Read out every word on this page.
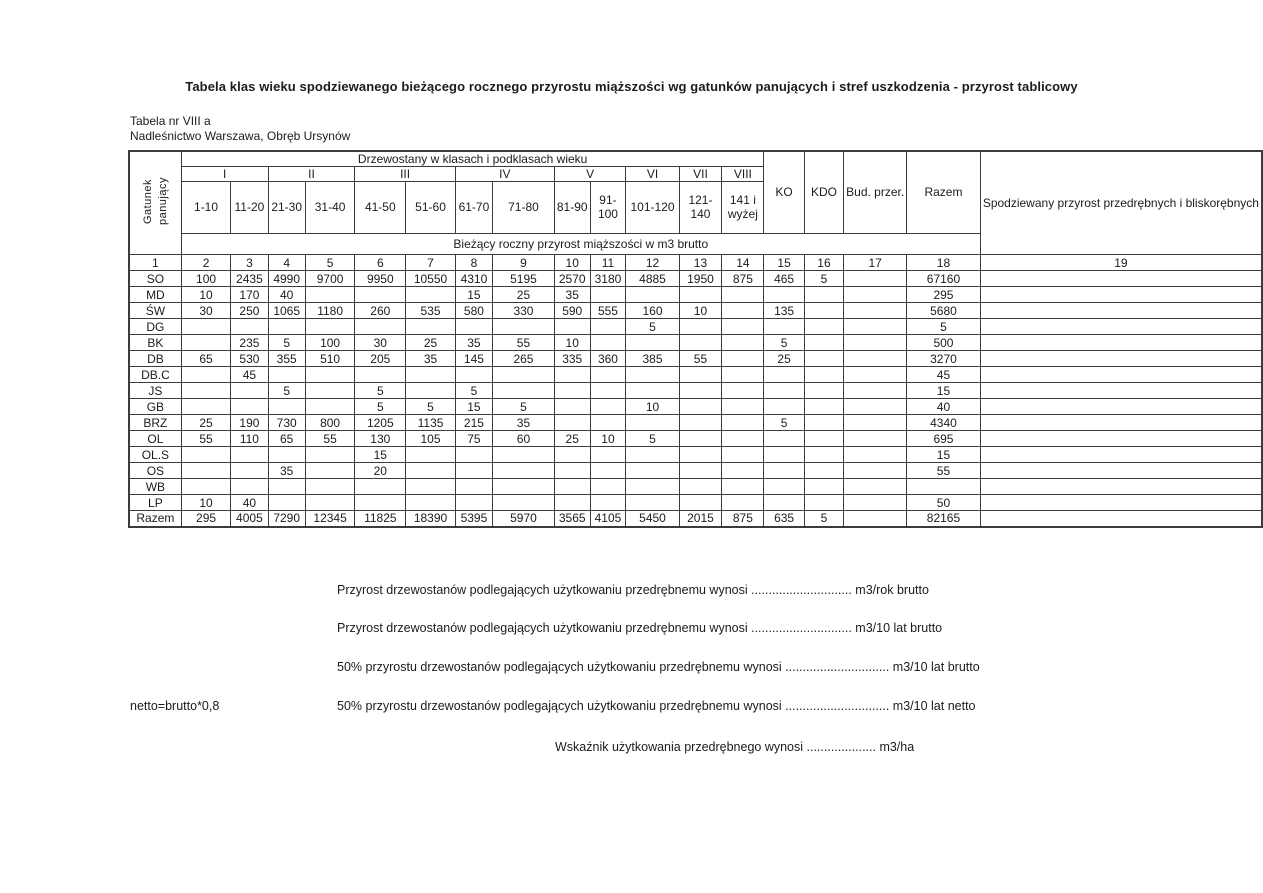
Tabela klas wieku spodziewanego bieżącego rocznego przyrostu miąższości wg gatunków panujących i stref uszkodzenia - przyrost tablicowy
Tabela nr VIII a
Nadleśnictwo Warszawa, Obręb Ursynów
Gatunek panujący	Drzewostany w klasach i podklasach wieku													KO	KDO	Bud. przer.	Razem	Spodziewany przyrost przedrębnych i bliskorębnych
	I		II		III		IV		V		VI	VII	VIII					
	1-10	11-20	21-30	31-40	41-50	51-60	61-70	71-80	81-90	91-100	101-120	121-140	141 i wyżej					
	Bieżący roczny przyrost miąższości w m3 brutto																	
1	2	3	4	5	6	7	8	9	10	11	12	13	14	15	16	17	18	19
SO	100	2435	4990	9700	9950	10550	4310	5195	2570	3180	4885	1950	875	465	5		67160	
MD	10	170	40				15	25	35								295	
ŚW	30	250	1065	1180	260	535	580	330	590	555	160	10		135			5680	
DG											5						5	
BK		235	5	100	30	25	35	55	10					5			500	
DB	65	530	355	510	205	35	145	265	335	360	385	55		25			3270	
DB.C		45															45	
JS			5		5		5										15	
GB					5	5	15	5			10						40	
BRZ	25	190	730	800	1205	1135	215	35						5			4340	
OL	55	110	65	55	130	105	75	60	25	10	5						695	
OL.S					15												15	
OS			35		20												55	
WB																		
LP	10	40															50	
Razem	295	4005	7290	12345	11825	18390	5395	5970	3565	4105	5450	2015	875	635	5		82165	
Przyrost drzewostanów podlegających użytkowaniu przedrębnemu wynosi ............................. m3/rok brutto
Przyrost drzewostanów podlegających użytkowaniu przedrębnemu wynosi ............................. m3/10 lat brutto
50% przyrostu drzewostanów podlegających użytkowaniu przedrębnemu wynosi .............................. m3/10 lat brutto
netto=brutto*0,8	50% przyrostu drzewostanów podlegających użytkowaniu przedrębnemu wynosi .............................. m3/10 lat netto
Wskaźnik użytkowania przedrębnego wynosi .................... m3/ha
